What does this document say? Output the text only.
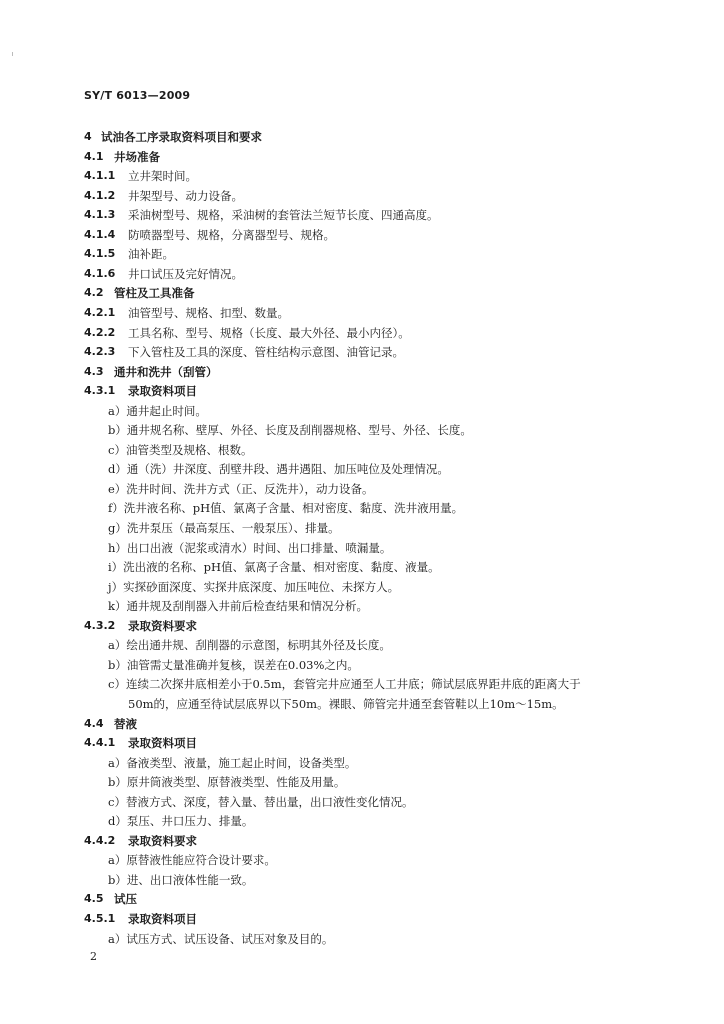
SY/T 6013—2009
4 试油各工序录取资料项目和要求
4.1 井场准备
4.1.1 立井架时间。
4.1.2 井架型号、动力设备。
4.1.3 采油树型号、规格，采油树的套管法兰短节长度、四通高度。
4.1.4 防喷器型号、规格，分离器型号、规格。
4.1.5 油补距。
4.1.6 井口试压及完好情况。
4.2 管柱及工具准备
4.2.1 油管型号、规格、扣型、数量。
4.2.2 工具名称、型号、规格（长度、最大外径、最小内径）。
4.2.3 下入管柱及工具的深度、管柱结构示意图、油管记录。
4.3 通井和洗井（刮管）
4.3.1 录取资料项目
a）通井起止时间。
b）通井规名称、壁厚、外径、长度及刮削器规格、型号、外径、长度。
c）油管类型及规格、根数。
d）通（洗）井深度、刮壁井段、遇井遇阻、加压吨位及处理情况。
e）洗井时间、洗井方式（正、反洗井），动力设备。
f）洗井液名称、pH值、氯离子含量、相对密度、黏度、洗井液用量。
g）洗井泵压（最高泵压、一般泵压）、排量。
h）出口出液（泥浆或清水）时间、出口排量、喷漏量。
i）洗出液的名称、pH值、氯离子含量、相对密度、黏度、液量。
j）实探砂面深度、实探井底深度、加压吨位、未探方人。
k）通井规及刮削器入井前后检查结果和情况分析。
4.3.2 录取资料要求
a）绘出通井规、刮削器的示意图，标明其外径及长度。
b）油管需丈量准确并复核，误差在0.03%之内。
c）连续二次探井底相差小于0.5m，套管完井应通至人工井底；筛试层底界距井底的距离大于
50m的，应通至待试层底界以下50m。裸眼、筛管完井通至套管鞋以上10m～15m。
4.4 替液
4.4.1 录取资料项目
a）备液类型、液量，施工起止时间，设备类型。
b）原井筒液类型、原替液类型、性能及用量。
c）替液方式、深度，替入量、替出量，出口液性变化情况。
d）泵压、井口压力、排量。
4.4.2 录取资料要求
a）原替液性能应符合设计要求。
b）进、出口液体性能一致。
4.5 试压
4.5.1 录取资料项目
a）试压方式、试压设备、试压对象及目的。
2
